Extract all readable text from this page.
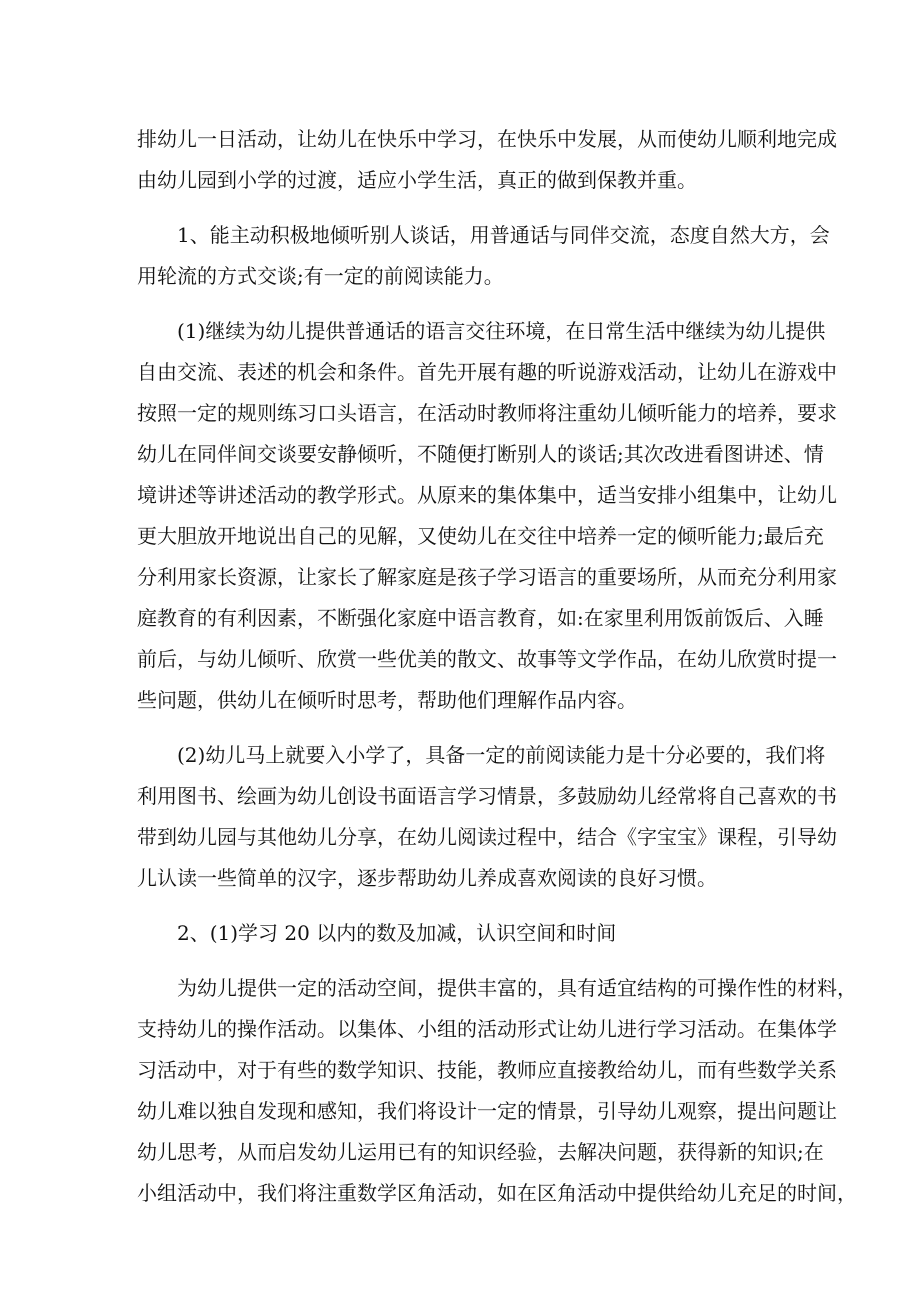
排幼儿一日活动，让幼儿在快乐中学习，在快乐中发展，从而使幼儿顺利地完成
由幼儿园到小学的过渡，适应小学生活，真正的做到保教并重。
1、能主动积极地倾听别人谈话，用普通话与同伴交流，态度自然大方，会
用轮流的方式交谈;有一定的前阅读能力。
(1)继续为幼儿提供普通话的语言交往环境，在日常生活中继续为幼儿提供
自由交流、表述的机会和条件。首先开展有趣的听说游戏活动，让幼儿在游戏中
按照一定的规则练习口头语言，在活动时教师将注重幼儿倾听能力的培养，要求
幼儿在同伴间交谈要安静倾听，不随便打断别人的谈话;其次改进看图讲述、情
境讲述等讲述活动的教学形式。从原来的集体集中，适当安排小组集中，让幼儿
更大胆放开地说出自己的见解，又使幼儿在交往中培养一定的倾听能力;最后充
分利用家长资源，让家长了解家庭是孩子学习语言的重要场所，从而充分利用家
庭教育的有利因素，不断强化家庭中语言教育，如:在家里利用饭前饭后、入睡
前后，与幼儿倾听、欣赏一些优美的散文、故事等文学作品，在幼儿欣赏时提一
些问题，供幼儿在倾听时思考，帮助他们理解作品内容。
(2)幼儿马上就要入小学了，具备一定的前阅读能力是十分必要的，我们将
利用图书、绘画为幼儿创设书面语言学习情景，多鼓励幼儿经常将自己喜欢的书
带到幼儿园与其他幼儿分享，在幼儿阅读过程中，结合《字宝宝》课程，引导幼
儿认读一些简单的汉字，逐步帮助幼儿养成喜欢阅读的良好习惯。
2、(1)学习 20 以内的数及加减，认识空间和时间
为幼儿提供一定的活动空间，提供丰富的，具有适宜结构的可操作性的材料，
支持幼儿的操作活动。以集体、小组的活动形式让幼儿进行学习活动。在集体学
习活动中，对于有些的数学知识、技能，教师应直接教给幼儿，而有些数学关系
幼儿难以独自发现和感知，我们将设计一定的情景，引导幼儿观察，提出问题让
幼儿思考，从而启发幼儿运用已有的知识经验，去解决问题，获得新的知识;在
小组活动中，我们将注重数学区角活动，如在区角活动中提供给幼儿充足的时间，
